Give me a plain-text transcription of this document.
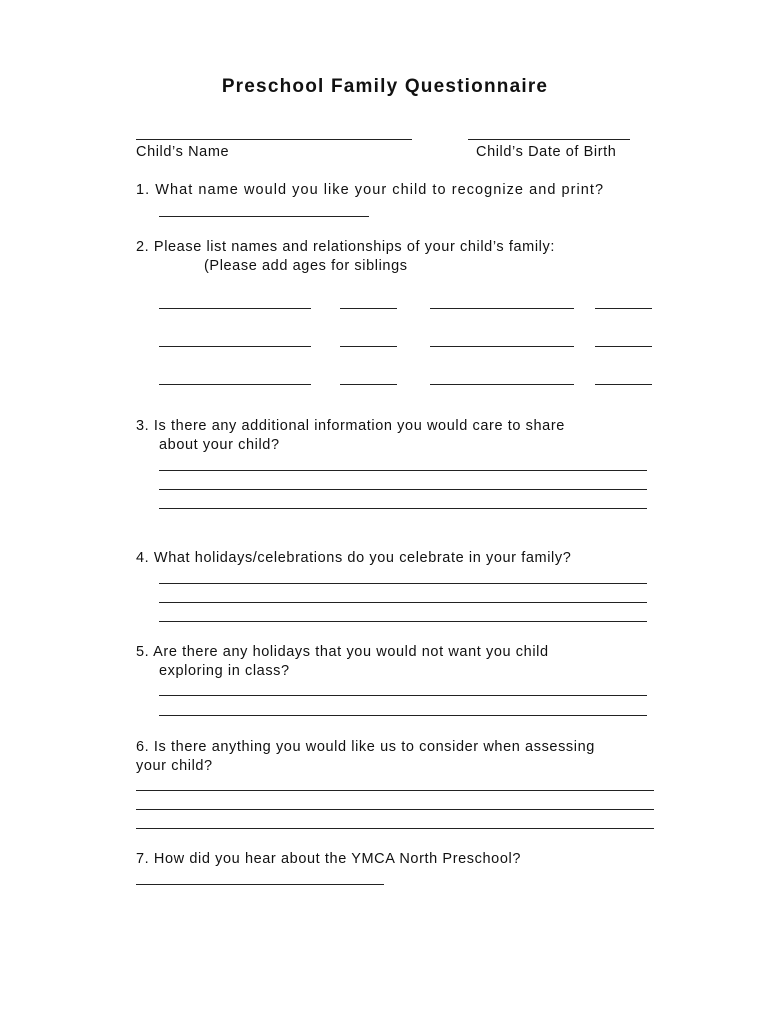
Preschool Family Questionnaire
Child’s Name	Child’s Date of Birth
1. What name would you like your child to recognize and print?
2. Please list names and relationships of your child’s family:
(Please add ages for siblings
3. Is there any additional information you would care to share
about your child?
4. What holidays/celebrations do you celebrate in your family?
5. Are there any holidays that you would not want you child
exploring in class?
6. Is there anything you would like us to consider when assessing
your child?
7. How did you hear about the YMCA North Preschool?
